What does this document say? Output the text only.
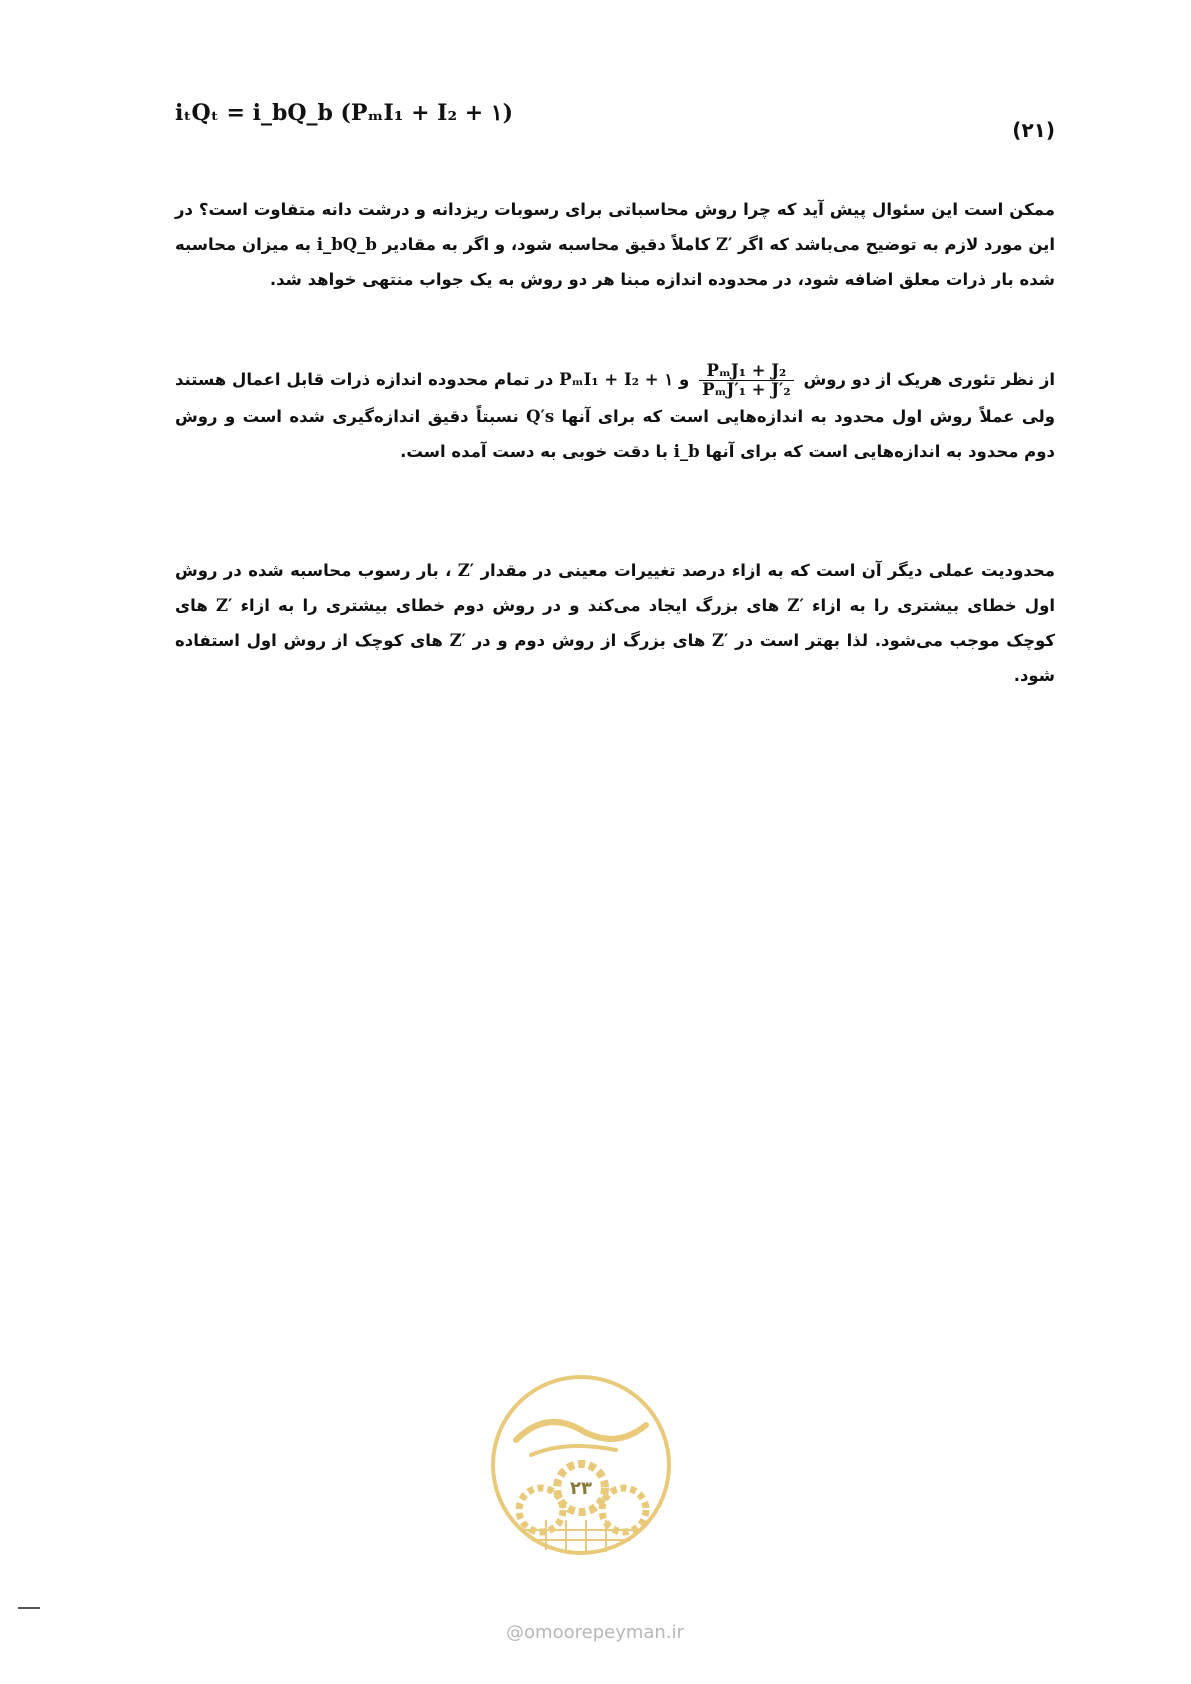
iₜQₜ = i_bQ_b (PₘI₁ + I₂ + ۱)
(۲۱)
ممکن است این سئوال پیش آید که چرا روش محاسباتی برای رسوبات ریزدانه و درشت دانه متفاوت است؟ در این مورد لازم به توضیح می‌باشد که اگر Z′ کاملاً دقیق محاسبه شود، و اگر به مقادیر i_bQ_b به میزان محاسبه شده بار ذرات معلق اضافه شود، در محدوده اندازه مبنا هر دو روش به یک جواب منتهی خواهد شد.
از نظر تئوری هریک از دو روش
$\frac{\text{PₘJ₁ + J₂}}{\text{PₘJ′₁ + J′₂}}$
و PₘI₁ + I₂ + ۱ در تمام محدوده اندازه ذرات قابل اعمال هستند ولی عملاً روش اول محدود به اندازه‌هایی است که برای آنها Q′s نسبتاً دقیق اندازه‌گیری شده است و روش دوم محدود به اندازه‌هایی است که برای آنها i_b با دقت خوبی به دست آمده است.
محدودیت عملی دیگر آن است که به ازاء درصد تغییرات معینی در مقدار Z′ ، بار رسوب محاسبه شده در روش اول خطای بیشتری را به ازاء Z′ های بزرگ ایجاد می‌کند و در روش دوم خطای بیشتری را به ازاء Z′ های کوچک موجب می‌شود. لذا بهتر است در Z′ های بزرگ از روش دوم و در Z′ های کوچک از روش اول استفاده شود.
۲۳
@omoorepeyman.ir
